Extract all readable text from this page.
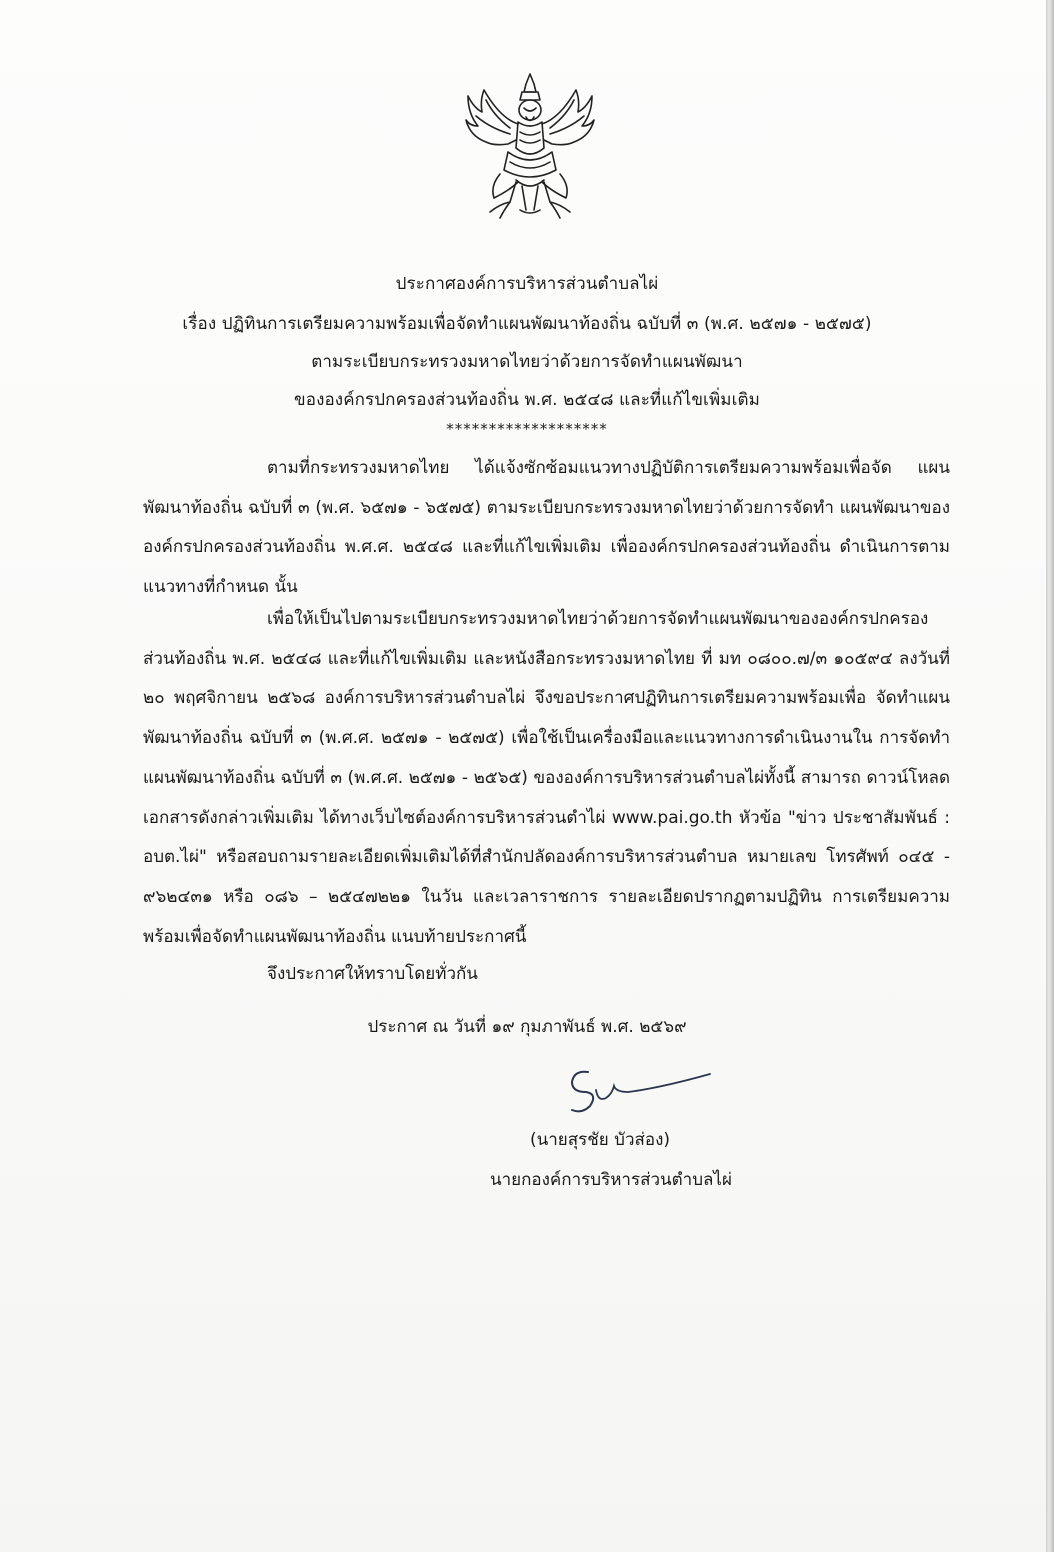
ประกาศองค์การบริหารส่วนตำบลไผ่
เรื่อง ปฏิทินการเตรียมความพร้อมเพื่อจัดทำแผนพัฒนาท้องถิ่น ฉบับที่ ๓ (พ.ศ. ๒๕๗๑ - ๒๕๗๕)
ตามระเบียบกระทรวงมหาดไทยว่าด้วยการจัดทำแผนพัฒนา
ขององค์กรปกครองส่วนท้องถิ่น พ.ศ. ๒๕๔๘ และที่แก้ไขเพิ่มเติม
*******************

ตามที่กระทรวงมหาดไทย ได้แจ้งซักซ้อมแนวทางปฏิบัติการเตรียมความพร้อมเพื่อจัด แผนพัฒนาท้องถิ่น ฉบับที่ ๓ (พ.ศ. ๖๕๗๑ - ๖๕๗๕) ตามระเบียบกระทรวงมหาดไทยว่าด้วยการจัดทำ แผนพัฒนาขององค์กรปกครองส่วนท้องถิ่น พ.ศ.ศ. ๒๕๔๘ และที่แก้ไขเพิ่มเติม เพื่อองค์กรปกครองส่วนท้องถิ่น ดำเนินการตามแนวทางที่กำหนด นั้น

เพื่อให้เป็นไปตามระเบียบกระทรวงมหาดไทยว่าด้วยการจัดทำแผนพัฒนาขององค์กรปกครอง ส่วนท้องถิ่น พ.ศ. ๒๕๔๘ และที่แก้ไขเพิ่มเติม และหนังสือกระทรวงมหาดไทย ที่ มท ๐๘๐๐.๗/๓ ๑๐๕๙๔ ลงวันที่ ๒๐ พฤศจิกายน ๒๕๖๘ องค์การบริหารส่วนตำบลไผ่ จึงขอประกาศปฏิทินการเตรียมความพร้อมเพื่อ จัดทำแผนพัฒนาท้องถิ่น ฉบับที่ ๓ (พ.ศ.ศ. ๒๕๗๑ - ๒๕๗๕) เพื่อใช้เป็นเครื่องมือและแนวทางการดำเนินงานใน การจัดทำแผนพัฒนาท้องถิ่น ฉบับที่ ๓ (พ.ศ.ศ. ๒๕๗๑ - ๒๕๖๕) ขององค์การบริหารส่วนตำบลไผ่ทั้งนี้ สามารถ ดาวน์โหลดเอกสารดังกล่าวเพิ่มเติม ได้ทางเว็บไซต์องค์การบริหารส่วนตำไผ่ www.pai.go.th หัวข้อ "ข่าว ประชาสัมพันธ์ : อบต.ไผ่" หรือสอบถามรายละเอียดเพิ่มเติมได้ที่สำนักปลัดองค์การบริหารส่วนตำบล หมายเลข โทรศัพท์ ๐๔๕ - ๙๖๒๔๓๑ หรือ ๐๘๖ – ๒๕๔๗๒๒๑ ในวัน และเวลาราชการ รายละเอียดปรากฏตามปฏิทิน การเตรียมความพร้อมเพื่อจัดทำแผนพัฒนาท้องถิ่น แนบท้ายประกาศนี้

จึงประกาศให้ทราบโดยทั่วกัน
ประกาศ ณ วันที่ ๑๙ กุมภาพันธ์ พ.ศ. ๒๕๖๙
(นายสุรชัย บัวส่อง)
นายกองค์การบริหารส่วนตำบลไผ่
